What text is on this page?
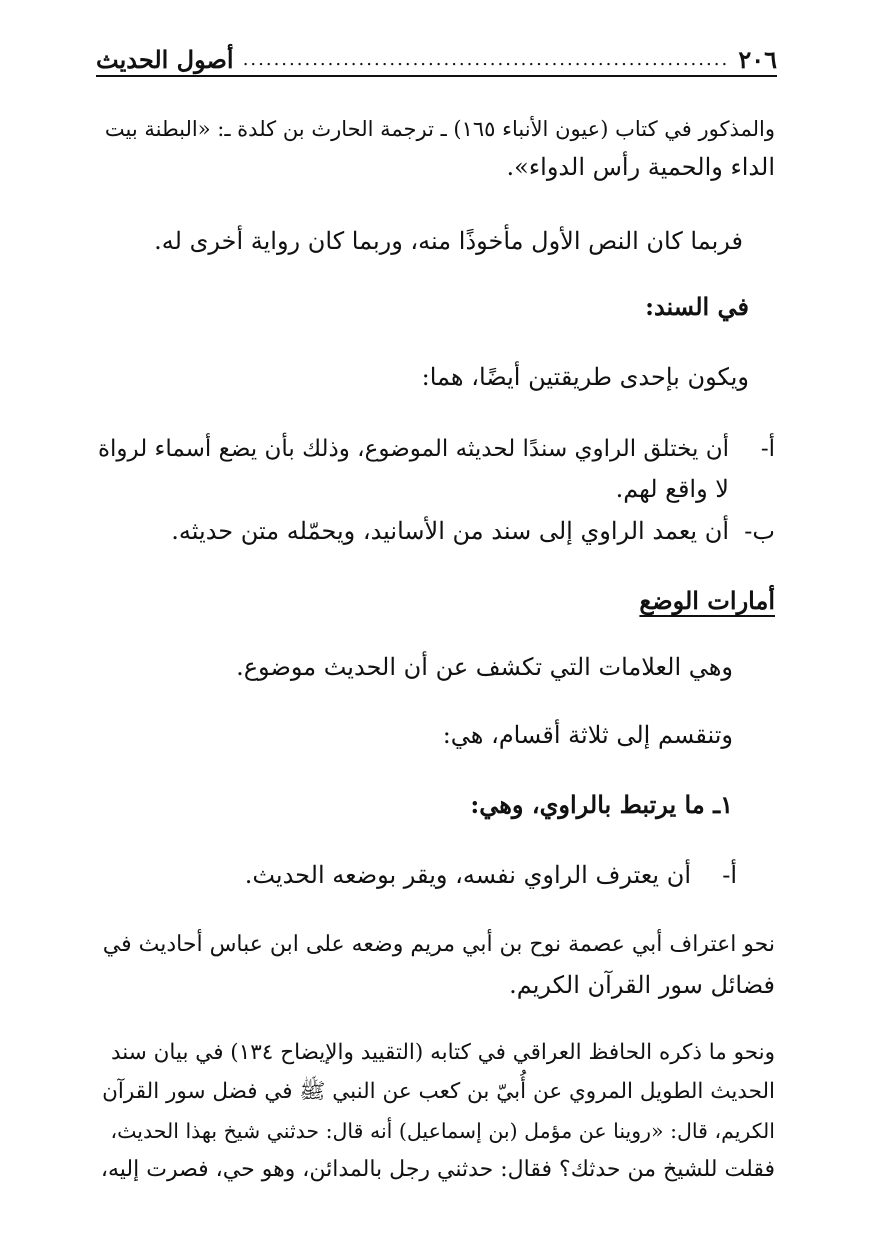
أصول الحديث ............................................................... ٢٠٦
والمذكور في كتاب (عيون الأنباء ١٦٥) ـ ترجمة الحارث بن كلدة ـ: «البطنة بيت
الداء والحمية رأس الدواء».
فربما كان النص الأول مأخوذًا منه، وربما كان رواية أخرى له.
في السند:
ويكون بإحدى طريقتين أيضًا، هما:
أ-أن يختلق الراوي سندًا لحديثه الموضوع، وذلك بأن يضع أسماء لرواة
لا واقع لهم.
ب-أن يعمد الراوي إلى سند من الأسانيد، ويحمّله متن حديثه.
أمارات الوضع
وهي العلامات التي تكشف عن أن الحديث موضوع.
وتنقسم إلى ثلاثة أقسام، هي:
١ـ ما يرتبط بالراوي، وهي:
أ-أن يعترف الراوي نفسه، ويقر بوضعه الحديث.
نحو اعتراف أبي عصمة نوح بن أبي مريم وضعه على ابن عباس أحاديث في
فضائل سور القرآن الكريم.
ونحو ما ذكره الحافظ العراقي في كتابه (التقييد والإيضاح ١٣٤) في بيان سند
الحديث الطويل المروي عن أُبيّ بن كعب عن النبي ﷺ في فضل سور القرآن
الكريم، قال: «روينا عن مؤمل (بن إسماعيل) أنه قال: حدثني شيخ بهذا الحديث،
فقلت للشيخ من حدثك؟ فقال: حدثني رجل بالمدائن، وهو حي، فصرت إليه،
